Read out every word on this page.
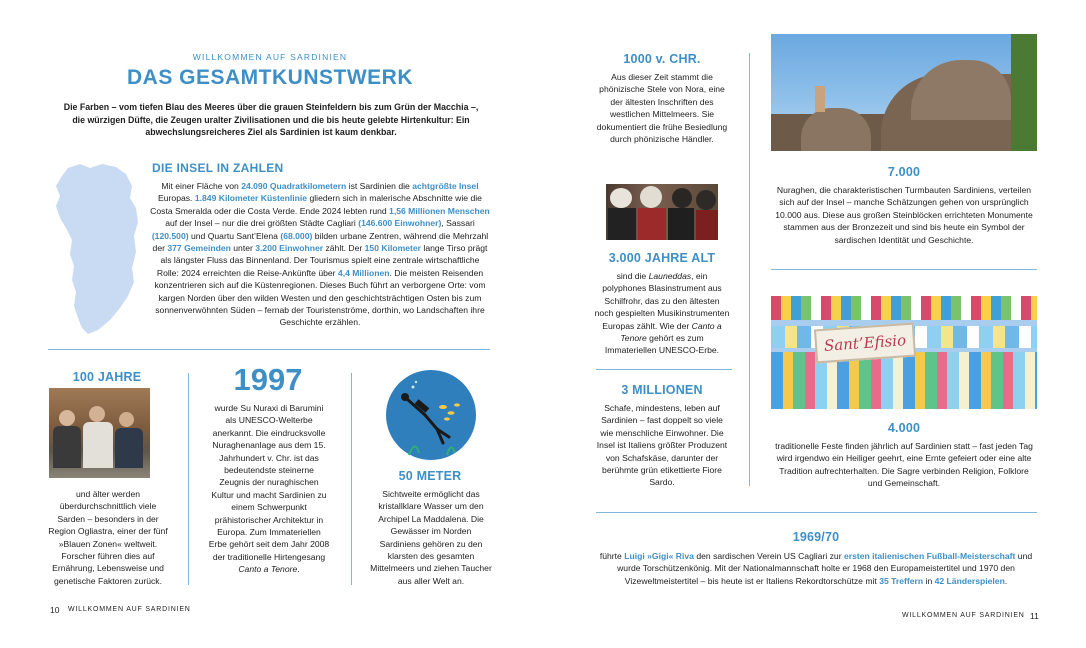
WILLKOMMEN AUF SARDINIEN
DAS GESAMTKUNSTWERK
Die Farben – vom tiefen Blau des Meeres über die grauen Steinfeldern bis zum Grün der Macchia –, die würzigen Düfte, die Zeugen uralter Zivilisationen und die bis heute gelebte Hirtenkultur: Ein abwechslungsreicheres Ziel als Sardinien ist kaum denkbar.
DIE INSEL IN ZAHLEN
Mit einer Fläche von 24.090 Quadratkilometern ist Sardinien die achtgrößte Insel Europas. 1.849 Kilometer Küstenlinie gliedern sich in malerische Abschnitte wie die Costa Smeralda oder die Costa Verde. Ende 2024 lebten rund 1,56 Millionen Menschen auf der Insel – nur die drei größten Städte Cagliari (146.600 Einwohner), Sassari (120.500) und Quartu Sant’Elena (68.000) bilden urbane Zentren, während die Mehrzahl der 377 Gemeinden unter 3.200 Einwohner zählt. Der 150 Kilometer lange Tirso prägt als längster Fluss das Binnenland. Der Tourismus spielt eine zentrale wirtschaftliche Rolle: 2024 erreichten die Reise-Ankünfte über 4,4 Millionen. Die meisten Reisenden konzentrieren sich auf die Küstenregionen. Dieses Buch führt an verborgene Orte: vom kargen Norden über den wilden Westen und den geschichtsträchtigen Osten bis zum sonnenverwöhnten Süden – fernab der Touristenströme, dorthin, wo Landschaften ihre Geschichte erzählen.
100 JAHRE
und älter werden überdurchschnittlich viele Sarden – besonders in der Region Ogliastra, einer der fünf »Blauen Zonen« weltweit. Forscher führen dies auf Ernährung, Lebensweise und genetische Faktoren zurück.
1997
wurde Su Nuraxi di Barumini als UNESCO-Welterbe anerkannt. Die eindrucksvolle Nuraghenanlage aus dem 15. Jahrhundert v. Chr. ist das bedeutendste steinerne Zeugnis der nuraghischen Kultur und macht Sardinien zu einem Schwerpunkt prähistorischer Architektur in Europa. Zum Immateriellen Erbe gehört seit dem Jahr 2008 der traditionelle Hirtengesang Canto a Tenore.
50 METER
Sichtweite ermöglicht das kristallklare Wasser um den Archipel La Maddalena. Die Gewässer im Norden Sardiniens gehören zu den klarsten des gesamten Mittelmeers und ziehen Taucher aus aller Welt an.
10 WILLKOMMEN AUF SARDINIEN
1000 v. CHR.
Aus dieser Zeit stammt die phönizische Stele von Nora, eine der ältesten Inschriften des westlichen Mittelmeers. Sie dokumentiert die frühe Besiedlung durch phönizische Händler.
3.000 JAHRE ALT
sind die Launeddas, ein polyphones Blasinstrument aus Schilfrohr, das zu den ältesten noch gespielten Musikinstrumenten Europas zählt. Wie der Canto a Tenore gehört es zum Immateriellen UNESCO-Erbe.
3 MILLIONEN
Schafe, mindestens, leben auf Sardinien – fast doppelt so viele wie menschliche Einwohner. Die Insel ist Italiens größter Produzent von Schafskäse, darunter der berühmte grün etikettierte Fiore Sardo.
7.000
Nuraghen, die charakteristischen Turmbauten Sardiniens, verteilen sich auf der Insel – manche Schätzungen gehen von ursprünglich 10.000 aus. Diese aus großen Steinblöcken errichteten Monumente stammen aus der Bronzezeit und sind bis heute ein Symbol der sardischen Identität und Geschichte.
Sant’Efisio
4.000
traditionelle Feste finden jährlich auf Sardinien statt – fast jeden Tag wird irgendwo ein Heiliger geehrt, eine Ernte gefeiert oder eine alte Tradition aufrechterhalten. Die Sagre verbinden Religion, Folklore und Gemeinschaft.
1969/70
führte Luigi »Gigi« Riva den sardischen Verein US Cagliari zur ersten italienischen Fußball-Meisterschaft und wurde Torschützenkönig. Mit der Nationalmannschaft holte er 1968 den Europameistertitel und 1970 den Vizeweltmeistertitel – bis heute ist er Italiens Rekordtorschütze mit 35 Treffern in 42 Länderspielen.
WILLKOMMEN AUF SARDINIEN 11
